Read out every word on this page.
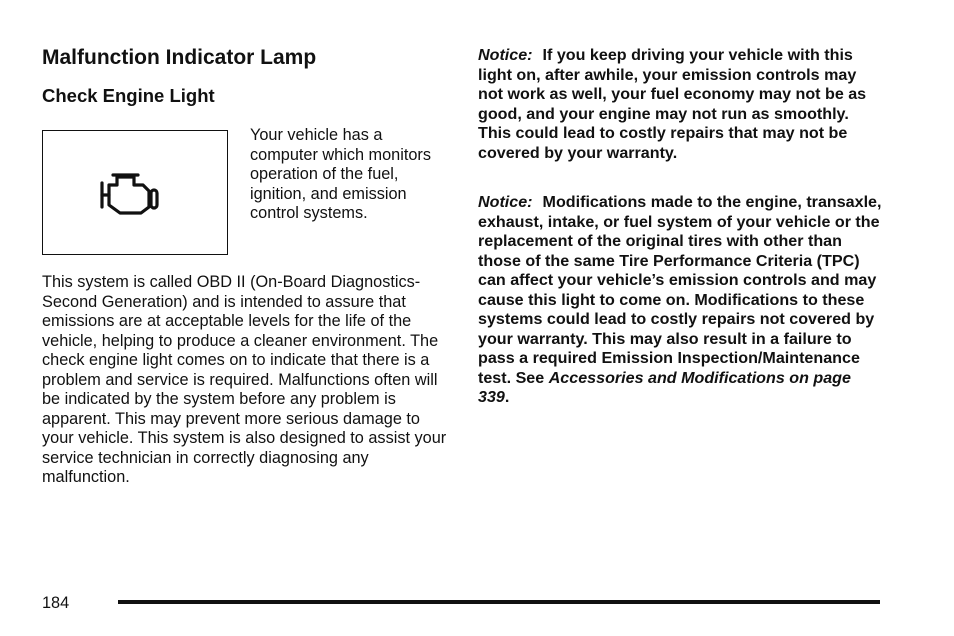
Malfunction Indicator Lamp
Check Engine Light

Your vehicle has a computer which monitors operation of the fuel, ignition, and emission control systems.

This system is called OBD II (On-Board Diagnostics-Second Generation) and is intended to assure that emissions are at acceptable levels for the life of the vehicle, helping to produce a cleaner environment. The check engine light comes on to indicate that there is a problem and service is required. Malfunctions often will be indicated by the system before any problem is apparent. This may prevent more serious damage to your vehicle. This system is also designed to assist your service technician in correctly diagnosing any malfunction.

Notice: If you keep driving your vehicle with this light on, after awhile, your emission controls may not work as well, your fuel economy may not be as good, and your engine may not run as smoothly. This could lead to costly repairs that may not be covered by your warranty.

Notice: Modifications made to the engine, transaxle, exhaust, intake, or fuel system of your vehicle or the replacement of the original tires with other than those of the same Tire Performance Criteria (TPC) can affect your vehicle’s emission controls and may cause this light to come on. Modifications to these systems could lead to costly repairs not covered by your warranty. This may also result in a failure to pass a required Emission Inspection/Maintenance test. See Accessories and Modifications on page 339.

184
